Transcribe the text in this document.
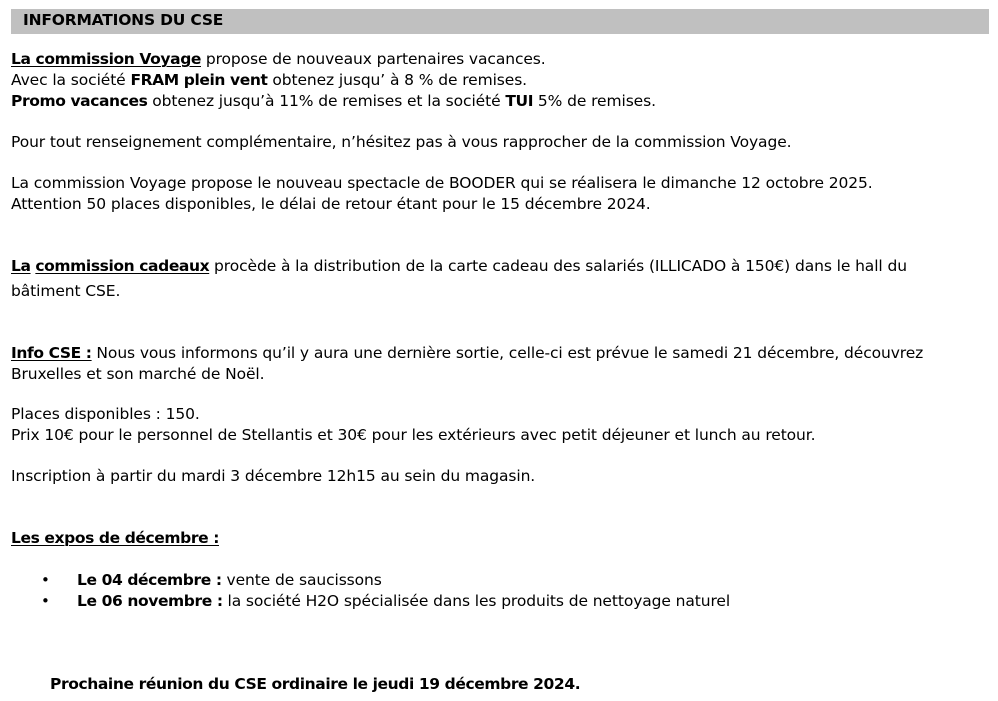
INFORMATIONS DU CSE
La commission Voyage propose de nouveaux partenaires vacances.
Avec la société FRAM plein vent obtenez jusqu’ à 8 % de remises.
Promo vacances obtenez jusqu’à 11% de remises et la société TUI 5% de remises.
Pour tout renseignement complémentaire, n’hésitez pas à vous rapprocher de la commission Voyage.
La commission Voyage propose le nouveau spectacle de BOODER qui se réalisera le dimanche 12 octobre 2025.
Attention 50 places disponibles, le délai de retour étant pour le 15 décembre 2024.
La commission cadeaux procède à la distribution de la carte cadeau des salariés (ILLICADO à 150€) dans le hall du
bâtiment CSE.
Info CSE : Nous vous informons qu’il y aura une dernière sortie, celle-ci est prévue le samedi 21 décembre, découvrez
Bruxelles et son marché de Noël.
Places disponibles : 150.
Prix 10€ pour le personnel de Stellantis et 30€ pour les extérieurs avec petit déjeuner et lunch au retour.
Inscription à partir du mardi 3 décembre 12h15 au sein du magasin.
Les expos de décembre :
• Le 04 décembre : vente de saucissons
• Le 06 novembre : la société H2O spécialisée dans les produits de nettoyage naturel
Prochaine réunion du CSE ordinaire le jeudi 19 décembre 2024.
